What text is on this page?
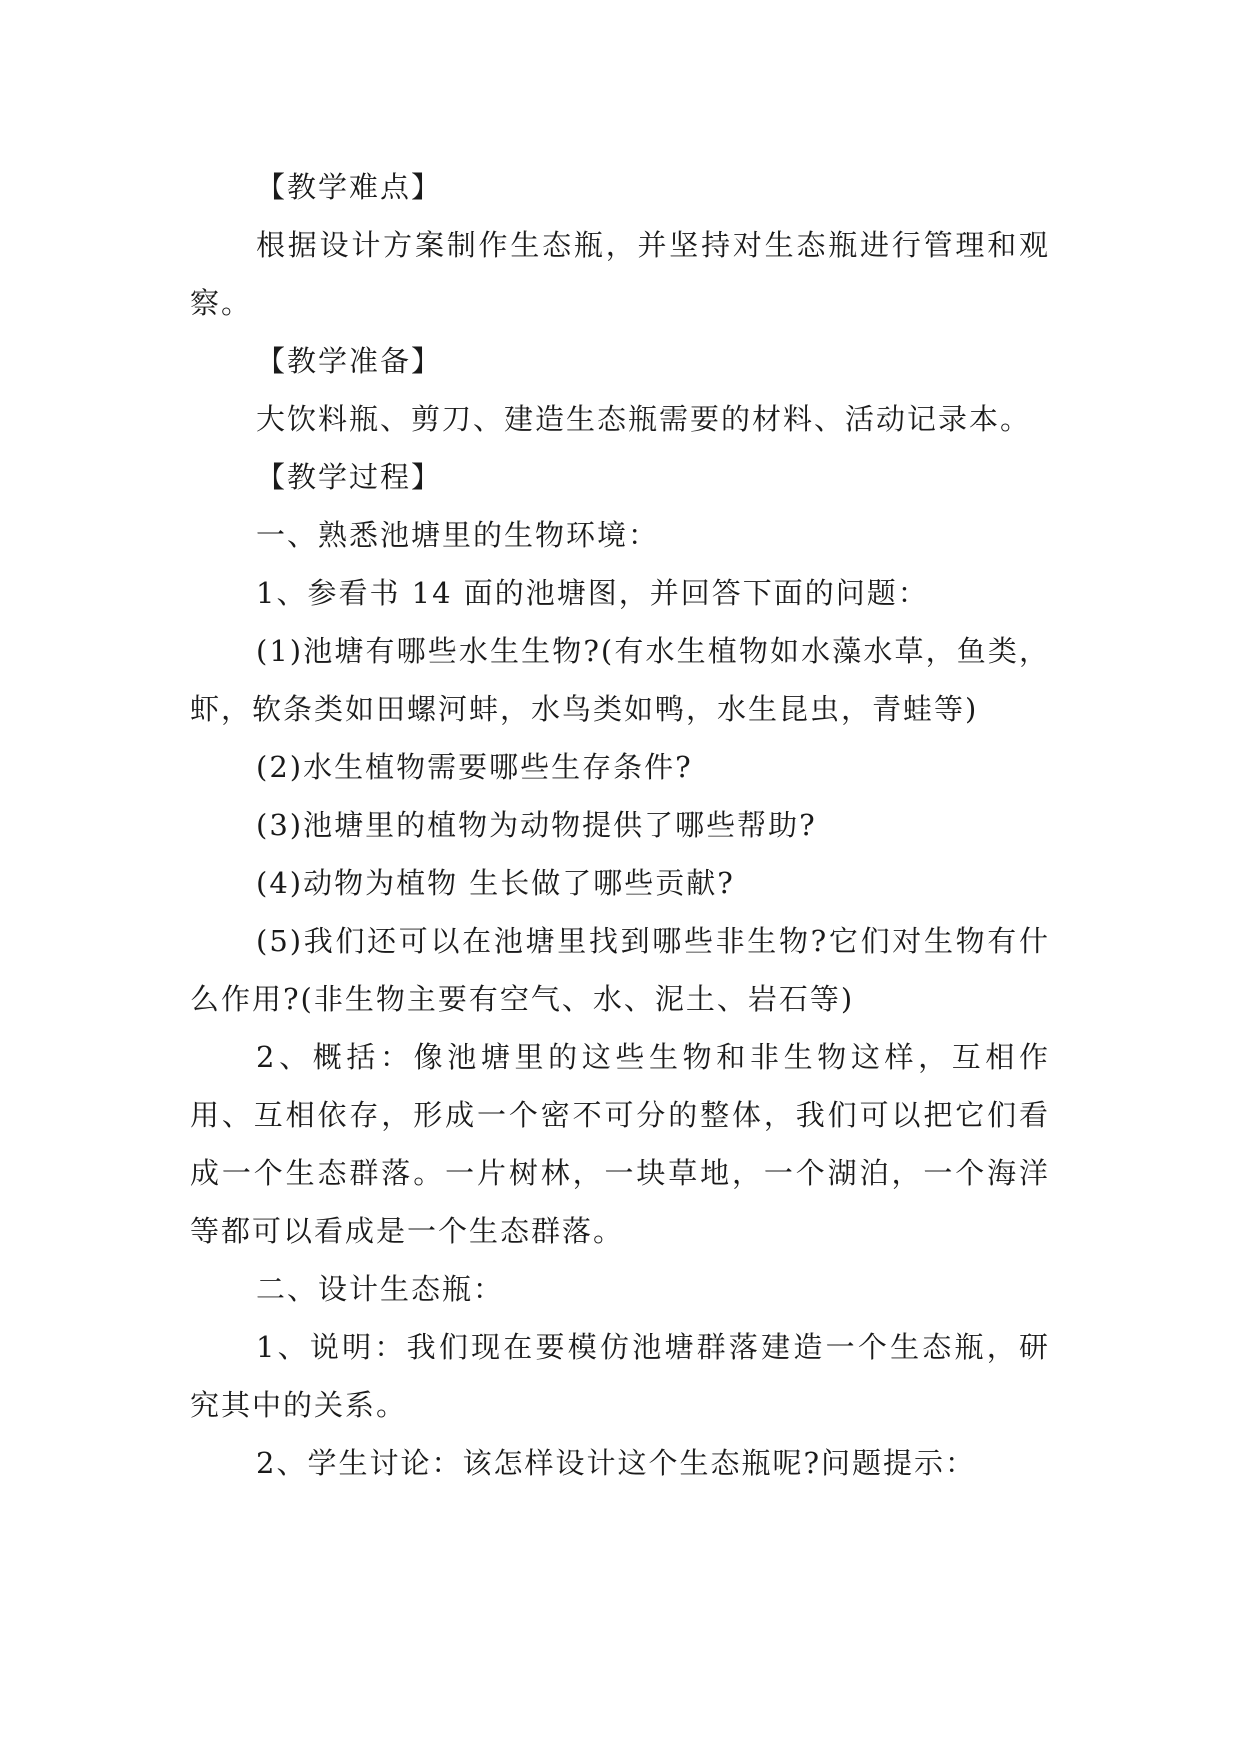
【教学难点】

根据设计方案制作生态瓶，并坚持对生态瓶进行管理和观察。

【教学准备】

大饮料瓶、剪刀、建造生态瓶需要的材料、活动记录本。

【教学过程】

一、熟悉池塘里的生物环境：

1、参看书 14 面的池塘图，并回答下面的问题：

(1)池塘有哪些水生生物?(有水生植物如水藻水草，鱼类，虾，软条类如田螺河蚌，水鸟类如鸭，水生昆虫，青蛙等)

(2)水生植物需要哪些生存条件?

(3)池塘里的植物为动物提供了哪些帮助?

(4)动物为植物 生长做了哪些贡献?

(5)我们还可以在池塘里找到哪些非生物?它们对生物有什么作用?(非生物主要有空气、水、泥土、岩石等)

2、概括：像池塘里的这些生物和非生物这样，互相作用、互相依存，形成一个密不可分的整体，我们可以把它们看成一个生态群落。一片树林，一块草地，一个湖泊，一个海洋等都可以看成是一个生态群落。

二、设计生态瓶：

1、说明：我们现在要模仿池塘群落建造一个生态瓶，研究其中的关系。

2、学生讨论：该怎样设计这个生态瓶呢?问题提示：
